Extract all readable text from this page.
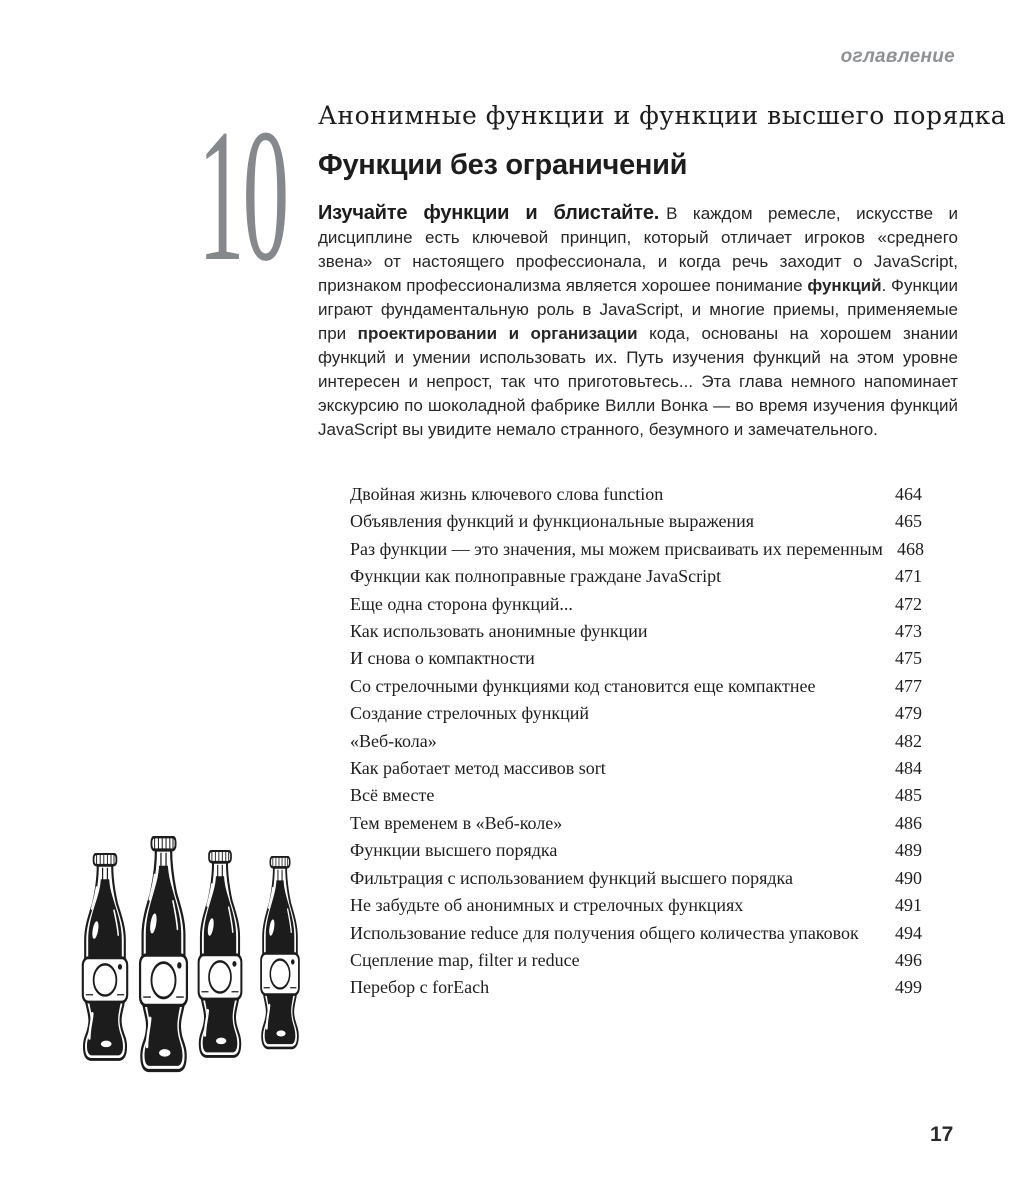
оглавление
10 Анонимные функции и функции высшего порядка
Функции без ограничений

Изучайте функции и блистайте. В каждом ремесле, искусстве и дисциплине есть ключевой принцип, который отличает игроков «среднего звена» от настоящего профессионала, и когда речь заходит о JavaScript, признаком профессионализма является хорошее понимание функций. Функции играют фундаментальную роль в JavaScript, и многие приемы, применяемые при проектировании и организации кода, основаны на хорошем знании функций и умении использовать их. Путь изучения функций на этом уровне интересен и непрост, так что приготовьтесь... Эта глава немного напоминает экскурсию по шоколадной фабрике Вилли Вонка — во время изучения функций JavaScript вы увидите немало странного, безумного и замечательного.

Двойная жизнь ключевого слова function	464
Объявления функций и функциональные выражения	465
Раз функции — это значения, мы можем присваивать их переменным 468
Функции как полноправные граждане JavaScript	471
Еще одна сторона функций...	472
Как использовать анонимные функции	473
И снова о компактности	475
Со стрелочными функциями код становится еще компактнее	477
Создание стрелочных функций	479
«Веб-кола»	482
Как работает метод массивов sort	484
Всё вместе	485
Тем временем в «Веб-коле»	486
Функции высшего порядка	489
Фильтрация с использованием функций высшего порядка	490
Не забудьте об анонимных и стрелочных функциях	491
Использование reduce для получения общего количества упаковок 494
Сцепление map, filter и reduce	496
Перебор с forEach	499
17
